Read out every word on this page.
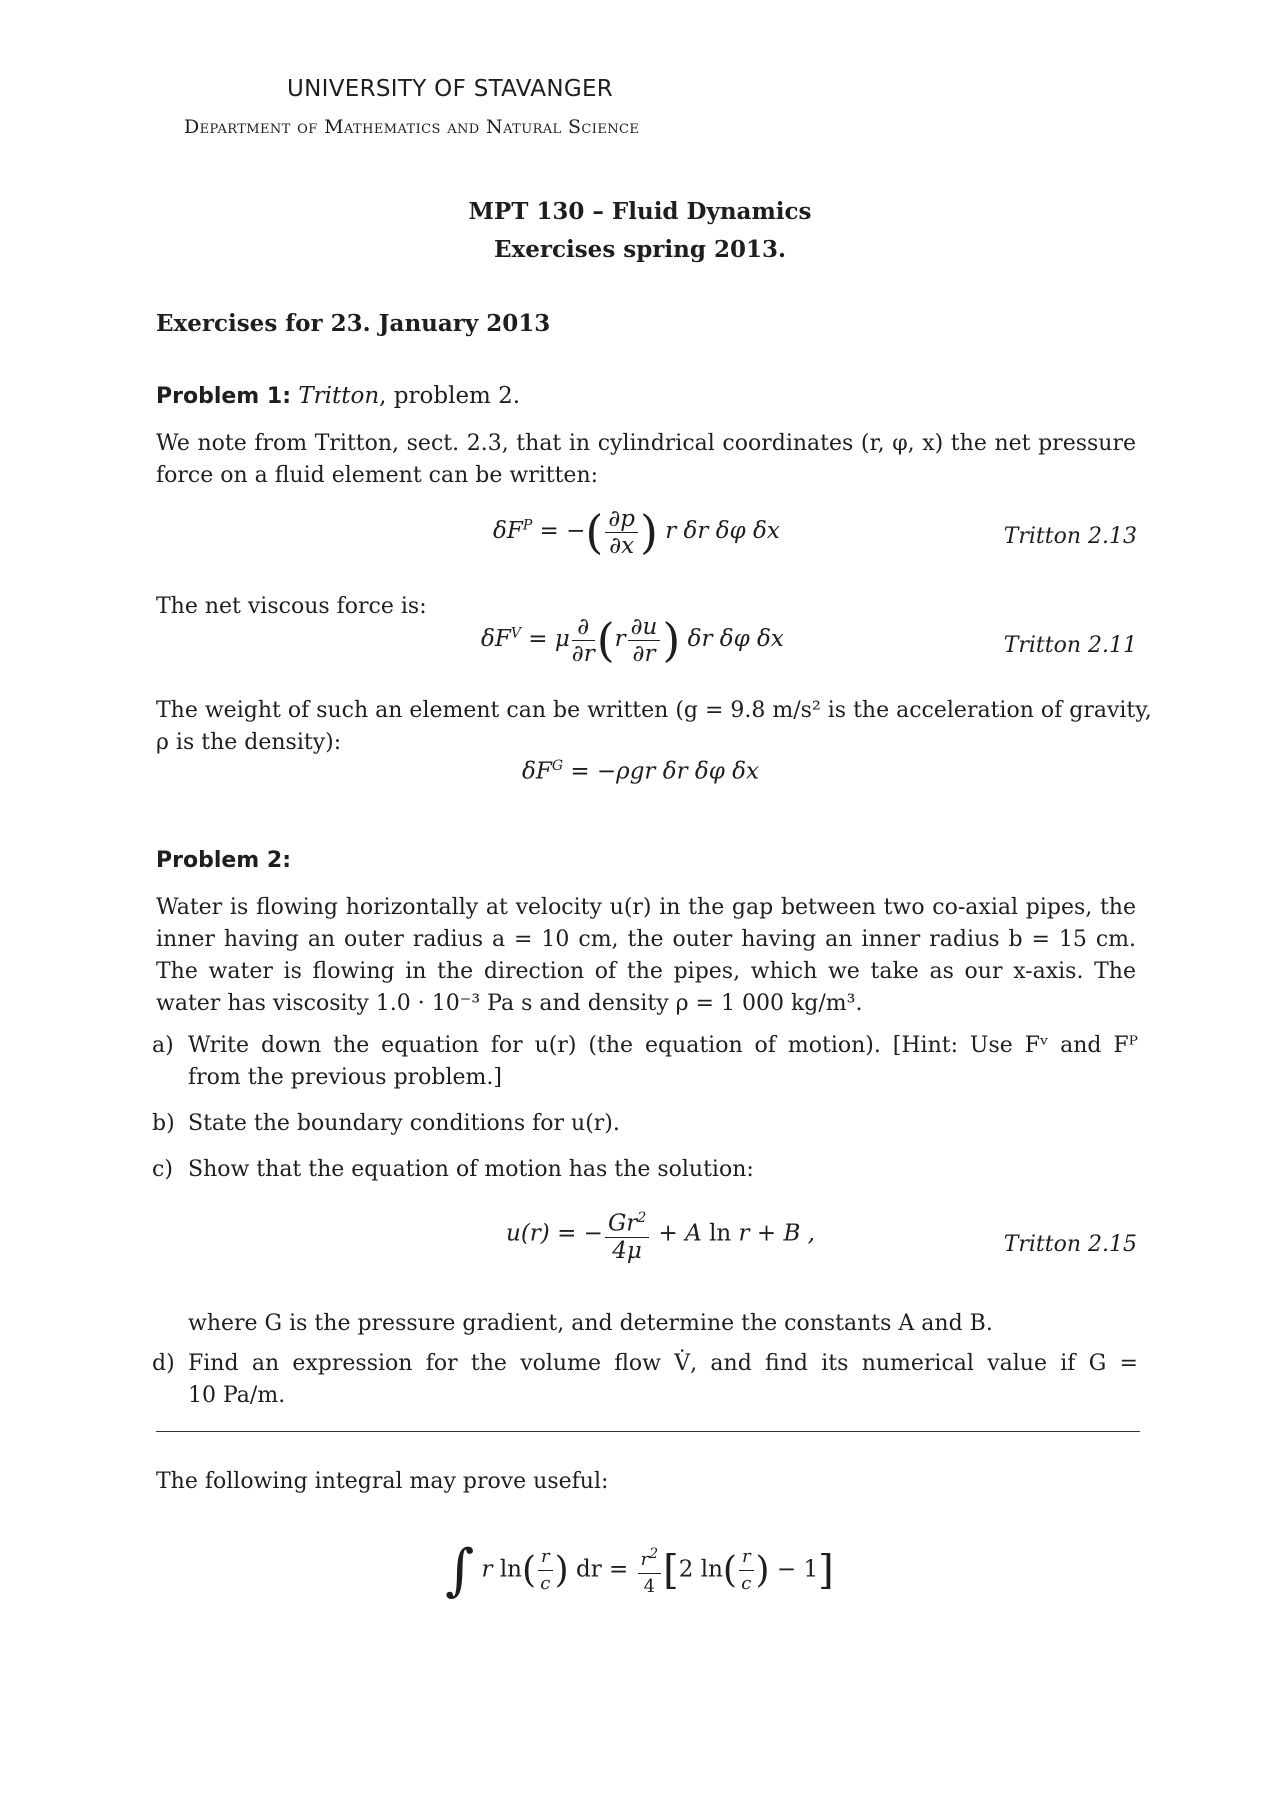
UNIVERSITY OF STAVANGER
Department of Mathematics and Natural Science
MPT 130 – Fluid Dynamics
Exercises spring 2013.
Exercises for 23. January 2013
Problem 1: Tritton, problem 2.
We note from Tritton, sect. 2.3, that in cylindrical coordinates (r, φ, x) the net pressure
force on a fluid element can be written:
$\delta F^P$ = −( $\frac{\partial p}{\partial x}$ ) r δr δφ δx	Tritton 2.13
The net viscous force is:
$\delta F^V = \mu \frac{\partial}{\partial r} (r \frac{\partial u}{\partial r}$ ) δr δφ δx	Tritton 2.11
The weight of such an element can be written (g = 9.8 m/s² is the acceleration of gravity,
ρ is the density):
$\delta F^G = -\rho gr$ δr δφ δx
Problem 2:
Water is flowing horizontally at velocity u(r) in the gap between two co-axial pipes, the
inner having an outer radius a = 10 cm, the outer having an inner radius b = 15 cm.
The water is flowing in the direction of the pipes, which we take as our x-axis. The
water has viscosity 1.0 · 10⁻³ Pa s and density ρ = 1 000 kg/m³.
a) Write down the equation for u(r) (the equation of motion). [Hint: Use Fᵛ and Fᴾ
from the previous problem.]
b) State the boundary conditions for u(r).
c) Show that the equation of motion has the solution:
where G is the pressure gradient, and determine the constants A and B.
d) Find an expression for the volume flow V̇, and find its numerical value if G =
10 Pa/m.
u(r) = − $\frac{Gr^2}{4\mu} + A$ ln r + B ,	Tritton 2.15
The following integral may prove useful:
∫ r $\ln( \frac{r}{c}$ ) dr = $\frac{r^2}{4} [2$ $\ln( \frac{r}{c}$ ) − 1]
